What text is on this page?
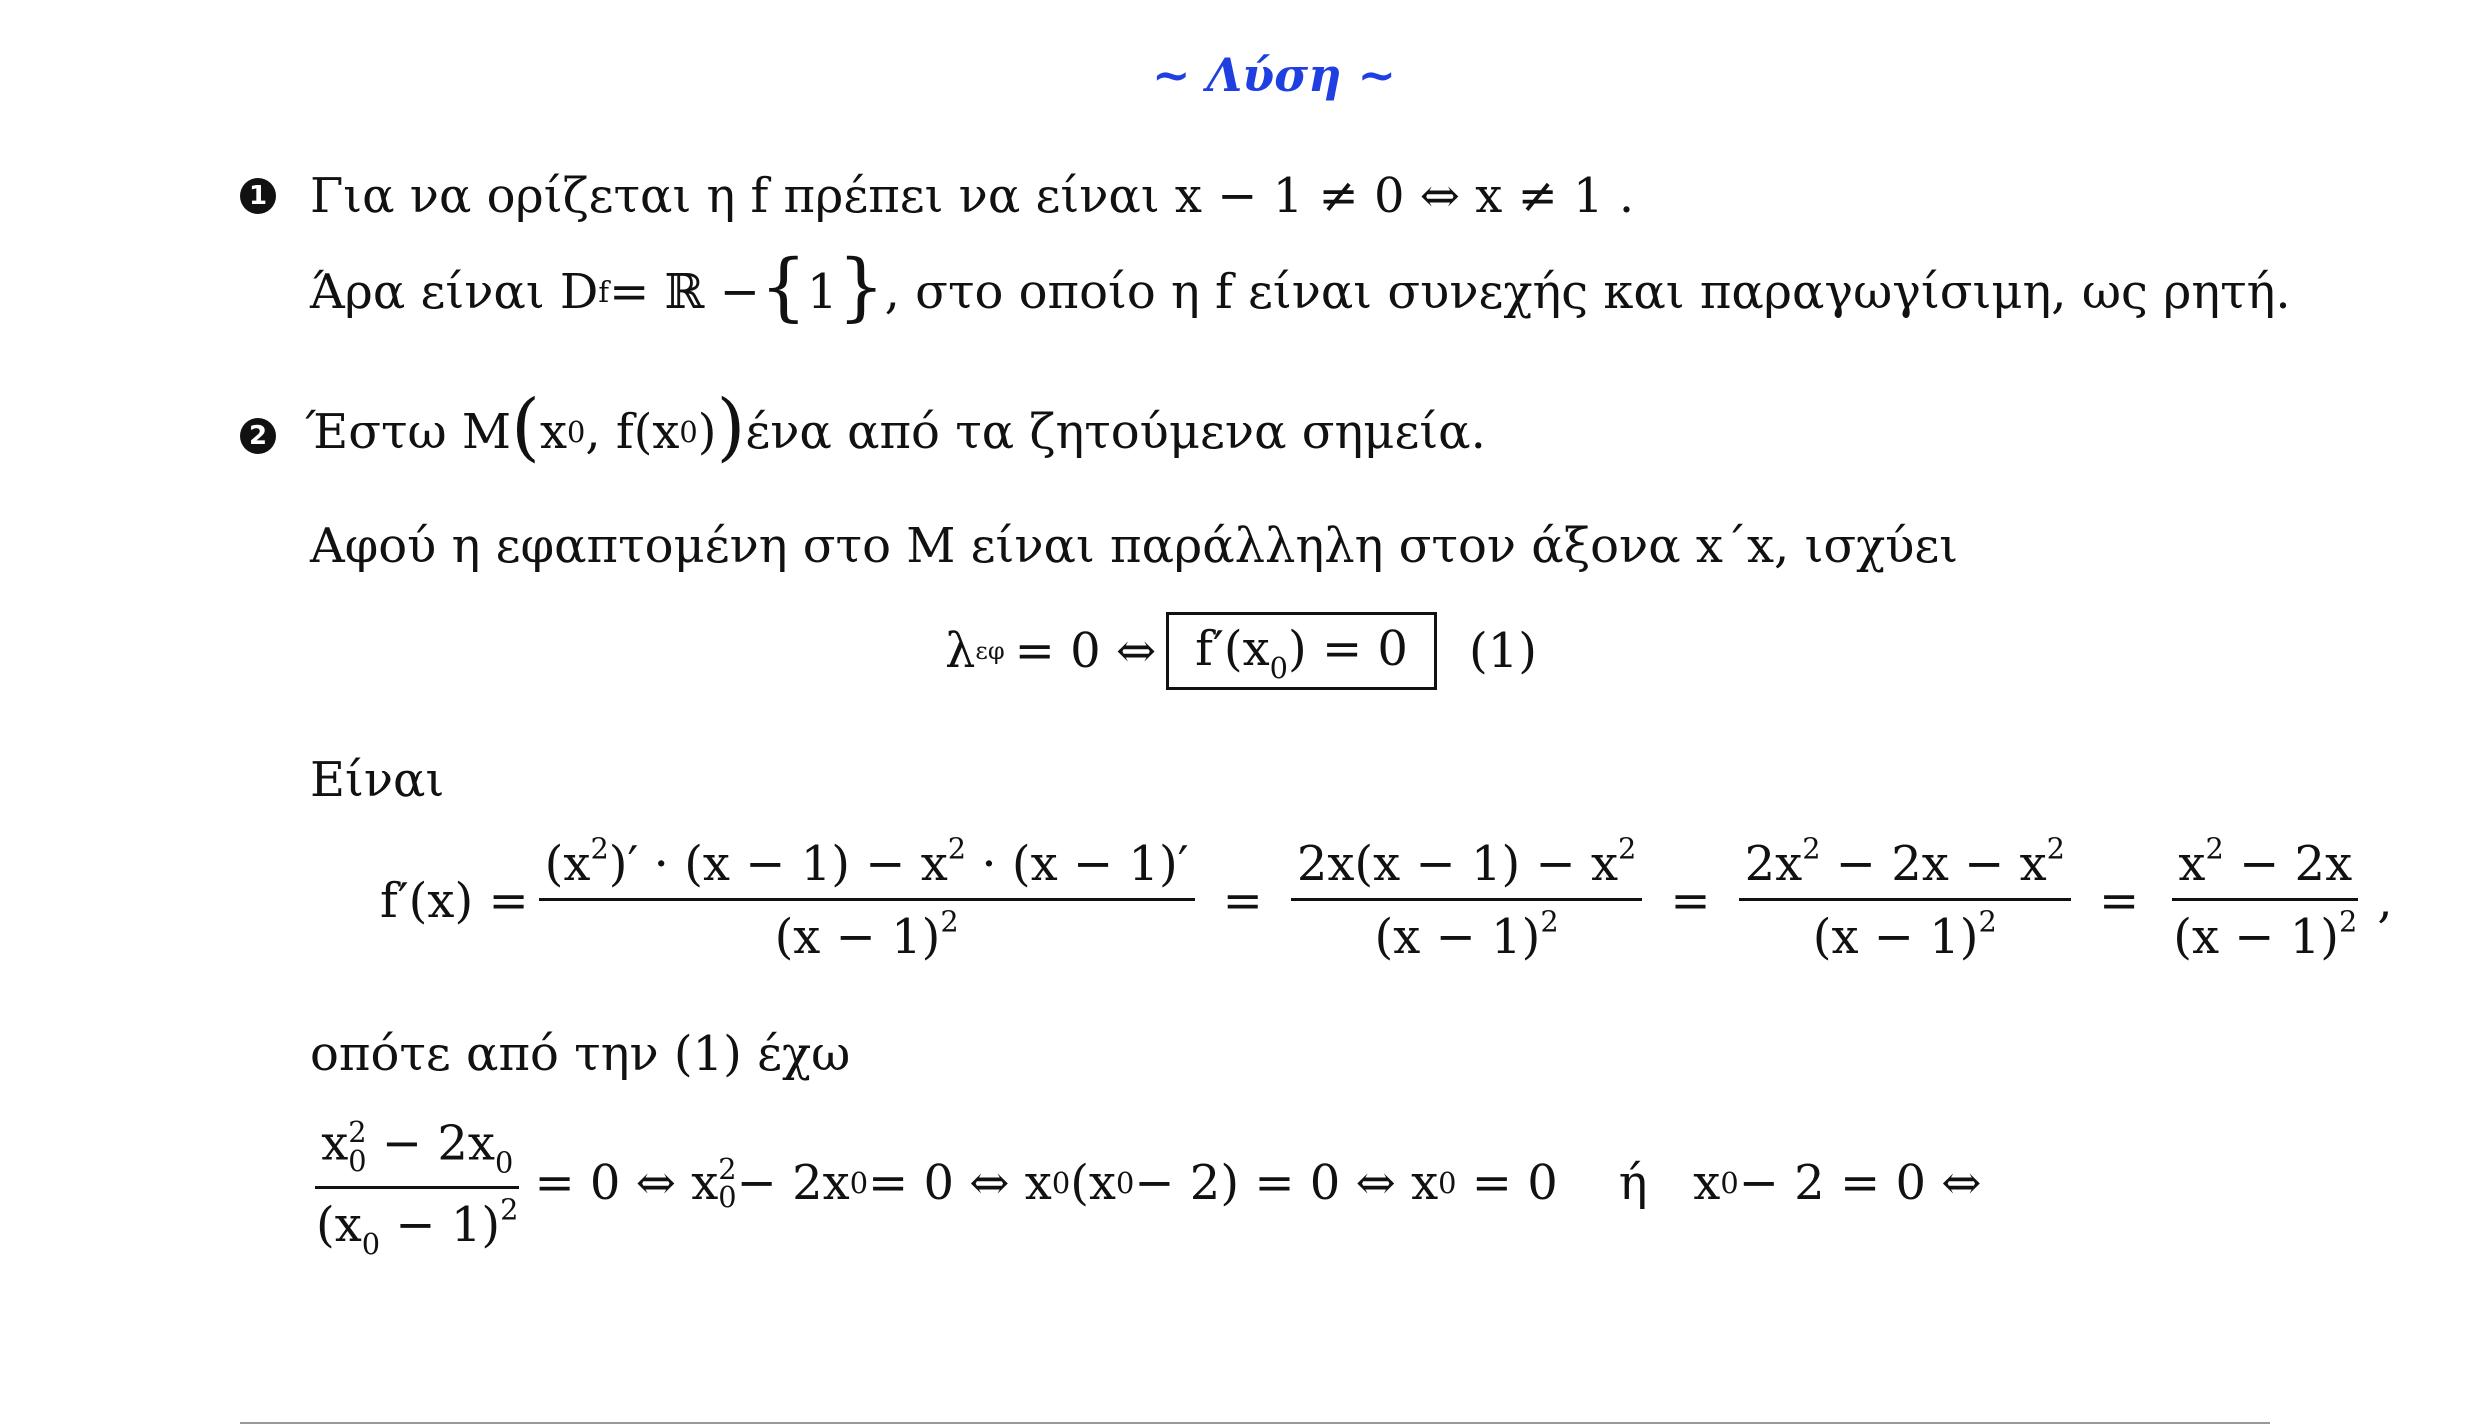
~ Λύση ~
1 Για να ορίζεται η f πρέπει να είναι x − 1 ≠ 0 ⇔ x ≠ 1 .
Άρα είναι D f = ℝ − { 1 } , στο οποίο η f είναι συνεχής και παραγωγίσιμη, ως ρητή.
2 Έστω M ( x 0 , f(x 0 ) ) ένα από τα ζητούμενα σημεία.
Αφού η εφαπτομένη στο M είναι παράλληλη στον άξονα x΄x, ισχύει
λ εφ = 0 ⇔ $f'(x_0) = 0$	(1)
Είναι
$f'(x) = \frac{(x^2)' \cdot (x - 1) - x^2 \cdot (x - 1)'}{(x - 1)^2} = \frac{2x(x - 1) - x^2}{(x - 1)^2} = \frac{2x^2 - 2x - x^2}{(x - 1)^2} = \frac{x^2 - 2x}{(x - 1)^2}$ ,
οπότε από την (1) έχω
x 2
$0 - 2x_0$
$(x_0 - 1)^2 = 0$ ⇔ x 2
0 − 2x 0 = 0 ⇔ x 0 (x 0 − 2) = 0 ⇔ x 0 = 0    ή   x 0 − 2 = 0 ⇔
